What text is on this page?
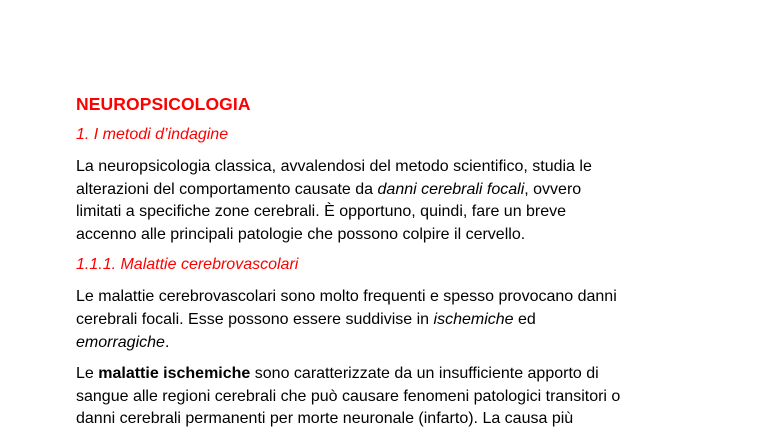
NEUROPSICOLOGIA
1. I metodi d’indagine
La neuropsicologia classica, avvalendosi del metodo scientifico, studia le
alterazioni del comportamento causate da danni cerebrali focali, ovvero
limitati a specifiche zone cerebrali. È opportuno, quindi, fare un breve
accenno alle principali patologie che possono colpire il cervello.
1.1.1. Malattie cerebrovascolari
Le malattie cerebrovascolari sono molto frequenti e spesso provocano danni
cerebrali focali. Esse possono essere suddivise in ischemiche ed
emorragiche.
Le malattie ischemiche sono caratterizzate da un insufficiente apporto di
sangue alle regioni cerebrali che può causare fenomeni patologici transitori o
danni cerebrali permanenti per morte neuronale (infarto). La causa più
